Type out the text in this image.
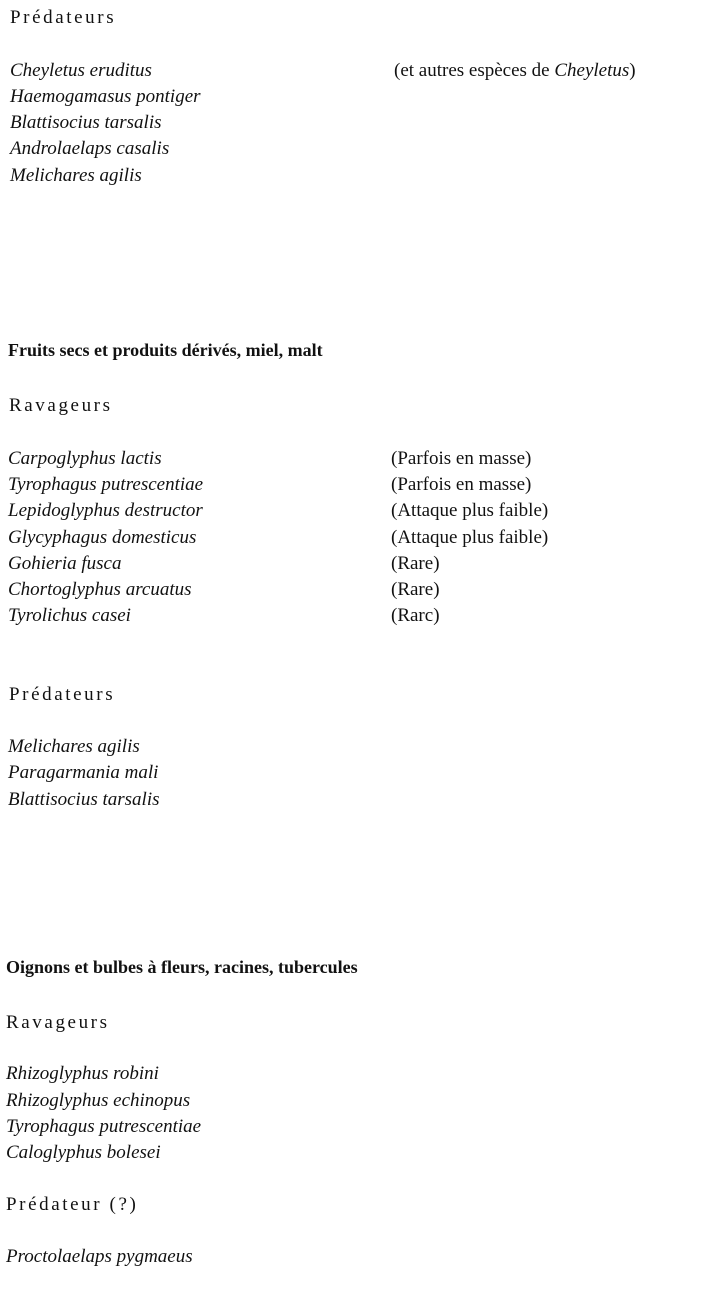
Prédateurs
Cheyletus eruditus	(et autres espèces de Cheyletus)
Haemogamasus pontiger
Blattisocius tarsalis
Androlaelaps casalis
Melichares agilis
Fruits secs et produits dérivés, miel, malt
Ravageurs
Carpoglyphus lactis	(Parfois en masse)
Tyrophagus putrescentiae	(Parfois en masse)
Lepidoglyphus destructor	(Attaque plus faible)
Glycyphagus domesticus	(Attaque plus faible)
Gohieria fusca	(Rare)
Chortoglyphus arcuatus	(Rare)
Tyrolichus casei	(Rarc)
Prédateurs
Melichares agilis
Paragarmania mali
Blattisocius tarsalis
Oignons et bulbes à fleurs, racines, tubercules
Ravageurs
Rhizoglyphus robini
Rhizoglyphus echinopus
Tyrophagus putrescentiae
Caloglyphus bolesei
Prédateur (?)
Proctolaelaps pygmaeus
